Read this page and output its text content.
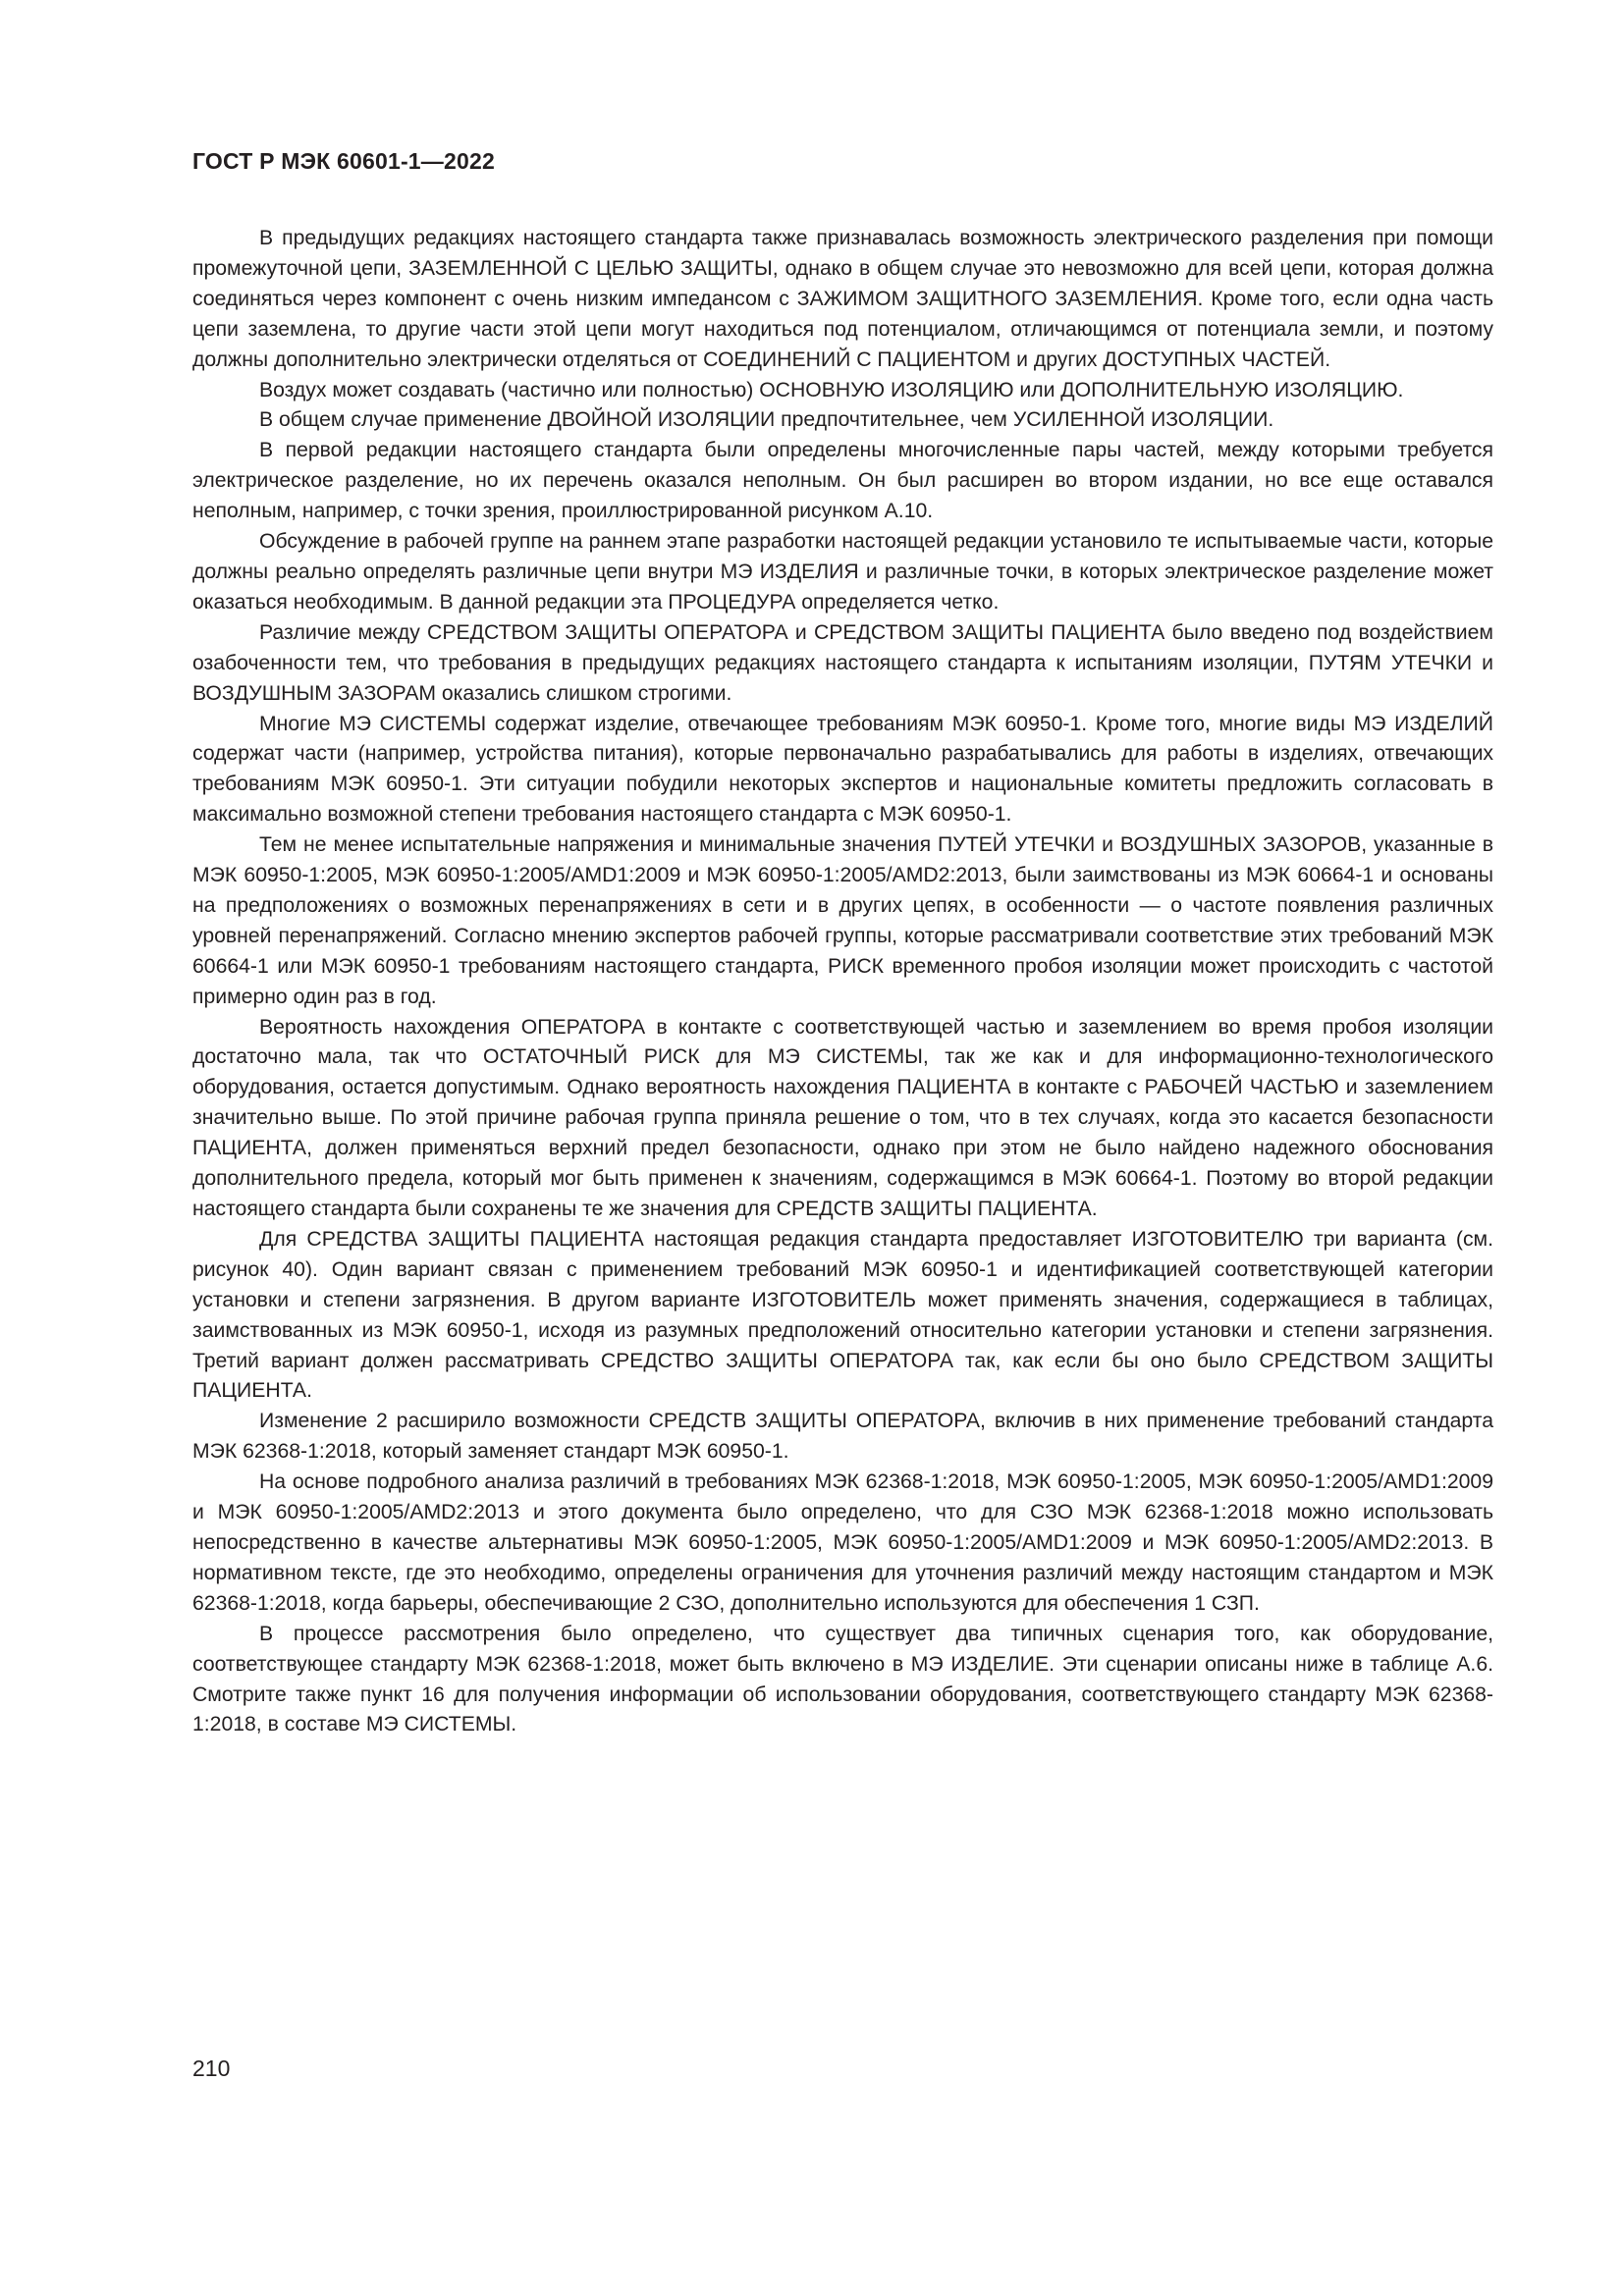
ГОСТ Р МЭК 60601-1—2022

В предыдущих редакциях настоящего стандарта также признавалась возможность электрического разделения при помощи промежуточной цепи, ЗАЗЕМЛЕННОЙ С ЦЕЛЬЮ ЗАЩИТЫ, однако в общем случае это невозможно для всей цепи, которая должна соединяться через компонент с очень низким импедансом с ЗАЖИМОМ ЗАЩИТНОГО ЗАЗЕМЛЕНИЯ. Кроме того, если одна часть цепи заземлена, то другие части этой цепи могут находиться под потенциалом, отличающимся от потенциала земли, и поэтому должны дополнительно электрически отделяться от СОЕДИНЕНИЙ С ПАЦИЕНТОМ и других ДОСТУПНЫХ ЧАСТЕЙ.

Воздух может создавать (частично или полностью) ОСНОВНУЮ ИЗОЛЯЦИЮ или ДОПОЛНИТЕЛЬНУЮ ИЗОЛЯЦИЮ.

В общем случае применение ДВОЙНОЙ ИЗОЛЯЦИИ предпочтительнее, чем УСИЛЕННОЙ ИЗОЛЯЦИИ.

В первой редакции настоящего стандарта были определены многочисленные пары частей, между которыми требуется электрическое разделение, но их перечень оказался неполным. Он был расширен во втором издании, но все еще оставался неполным, например, с точки зрения, проиллюстрированной рисунком А.10.

Обсуждение в рабочей группе на раннем этапе разработки настоящей редакции установило те испытываемые части, которые должны реально определять различные цепи внутри МЭ ИЗДЕЛИЯ и различные точки, в которых электрическое разделение может оказаться необходимым. В данной редакции эта ПРОЦЕДУРА определяется четко.

Различие между СРЕДСТВОМ ЗАЩИТЫ ОПЕРАТОРА и СРЕДСТВОМ ЗАЩИТЫ ПАЦИЕНТА было введено под воздействием озабоченности тем, что требования в предыдущих редакциях настоящего стандарта к испытаниям изоляции, ПУТЯМ УТЕЧКИ и ВОЗДУШНЫМ ЗАЗОРАМ оказались слишком строгими.

Многие МЭ СИСТЕМЫ содержат изделие, отвечающее требованиям МЭК 60950-1. Кроме того, многие виды МЭ ИЗДЕЛИЙ содержат части (например, устройства питания), которые первоначально разрабатывались для работы в изделиях, отвечающих требованиям МЭК 60950-1. Эти ситуации побудили некоторых экспертов и национальные комитеты предложить согласовать в максимально возможной степени требования настоящего стандарта с МЭК 60950-1.

Тем не менее испытательные напряжения и минимальные значения ПУТЕЙ УТЕЧКИ и ВОЗДУШНЫХ ЗАЗОРОВ, указанные в МЭК 60950-1:2005, МЭК 60950-1:2005/AMD1:2009 и МЭК 60950-1:2005/AMD2:2013, были заимствованы из МЭК 60664-1 и основаны на предположениях о возможных перенапряжениях в сети и в других цепях, в особенности — о частоте появления различных уровней перенапряжений. Согласно мнению экспертов рабочей группы, которые рассматривали соответствие этих требований МЭК 60664-1 или МЭК 60950-1 требованиям настоящего стандарта, РИСК временного пробоя изоляции может происходить с частотой примерно один раз в год.

Вероятность нахождения ОПЕРАТОРА в контакте с соответствующей частью и заземлением во время пробоя изоляции достаточно мала, так что ОСТАТОЧНЫЙ РИСК для МЭ СИСТЕМЫ, так же как и для информационно-технологического оборудования, остается допустимым. Однако вероятность нахождения ПАЦИЕНТА в контакте с РАБОЧЕЙ ЧАСТЬЮ и заземлением значительно выше. По этой причине рабочая группа приняла решение о том, что в тех случаях, когда это касается безопасности ПАЦИЕНТА, должен применяться верхний предел безопасности, однако при этом не было найдено надежного обоснования дополнительного предела, который мог быть применен к значениям, содержащимся в МЭК 60664-1. Поэтому во второй редакции настоящего стандарта были сохранены те же значения для СРЕДСТВ ЗАЩИТЫ ПАЦИЕНТА.

Для СРЕДСТВА ЗАЩИТЫ ПАЦИЕНТА настоящая редакция стандарта предоставляет ИЗГОТОВИТЕЛЮ три варианта (см. рисунок 40). Один вариант связан с применением требований МЭК 60950-1 и идентификацией соответствующей категории установки и степени загрязнения. В другом варианте ИЗГОТОВИТЕЛЬ может применять значения, содержащиеся в таблицах, заимствованных из МЭК 60950-1, исходя из разумных предположений относительно категории установки и степени загрязнения. Третий вариант должен рассматривать СРЕДСТВО ЗАЩИТЫ ОПЕРАТОРА так, как если бы оно было СРЕДСТВОМ ЗАЩИТЫ ПАЦИЕНТА.

Изменение 2 расширило возможности СРЕДСТВ ЗАЩИТЫ ОПЕРАТОРА, включив в них применение требований стандарта МЭК 62368-1:2018, который заменяет стандарт МЭК 60950-1.

На основе подробного анализа различий в требованиях МЭК 62368-1:2018, МЭК 60950-1:2005, МЭК 60950-1:2005/AMD1:2009 и МЭК 60950-1:2005/AMD2:2013 и этого документа было определено, что для СЗО МЭК 62368-1:2018 можно использовать непосредственно в качестве альтернативы МЭК 60950-1:2005, МЭК 60950-1:2005/AMD1:2009 и МЭК 60950-1:2005/AMD2:2013. В нормативном тексте, где это необходимо, определены ограничения для уточнения различий между настоящим стандартом и МЭК 62368-1:2018, когда барьеры, обеспечивающие 2 СЗО, дополнительно используются для обеспечения 1 СЗП.

В процессе рассмотрения было определено, что существует два типичных сценария того, как оборудование, соответствующее стандарту МЭК 62368-1:2018, может быть включено в МЭ ИЗДЕЛИЕ. Эти сценарии описаны ниже в таблице А.6. Смотрите также пункт 16 для получения информации об использовании оборудования, соответствующего стандарту МЭК 62368-1:2018, в составе МЭ СИСТЕМЫ.

210
